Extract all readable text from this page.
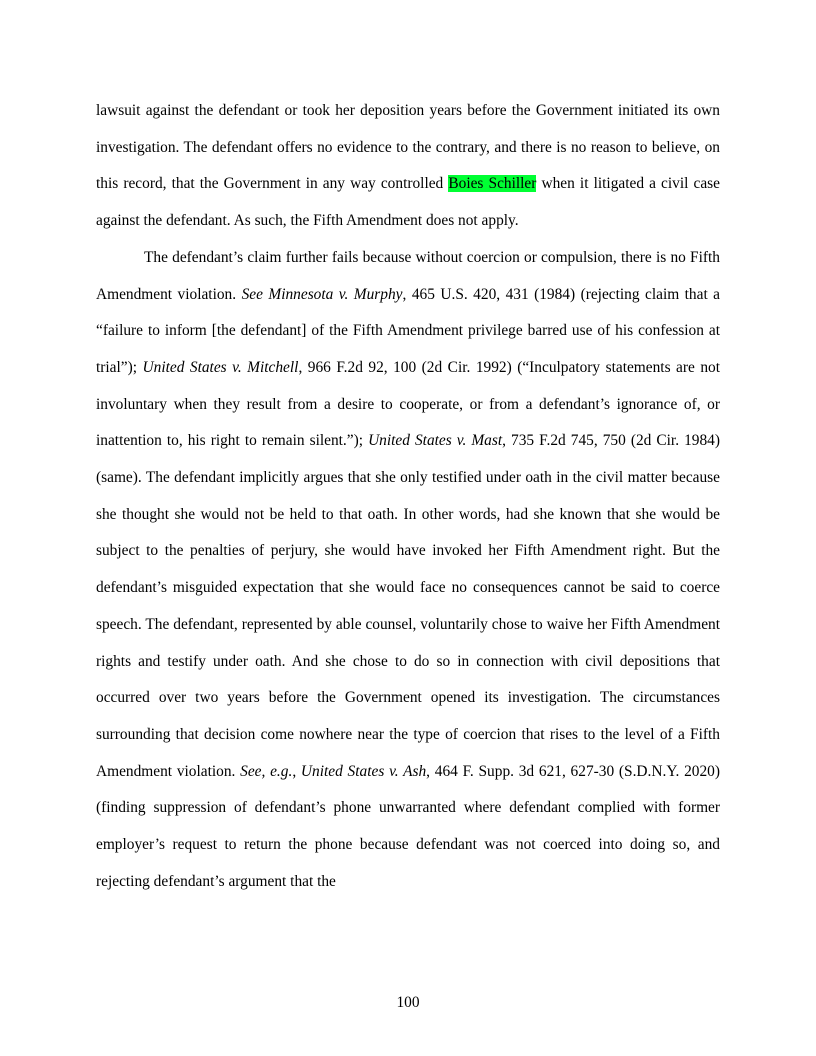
lawsuit against the defendant or took her deposition years before the Government initiated its own investigation. The defendant offers no evidence to the contrary, and there is no reason to believe, on this record, that the Government in any way controlled Boies Schiller when it litigated a civil case against the defendant. As such, the Fifth Amendment does not apply.

The defendant’s claim further fails because without coercion or compulsion, there is no Fifth Amendment violation. See Minnesota v. Murphy, 465 U.S. 420, 431 (1984) (rejecting claim that a “failure to inform [the defendant] of the Fifth Amendment privilege barred use of his confession at trial”); United States v. Mitchell, 966 F.2d 92, 100 (2d Cir. 1992) (“Inculpatory statements are not involuntary when they result from a desire to cooperate, or from a defendant’s ignorance of, or inattention to, his right to remain silent.”); United States v. Mast, 735 F.2d 745, 750 (2d Cir. 1984) (same). The defendant implicitly argues that she only testified under oath in the civil matter because she thought she would not be held to that oath. In other words, had she known that she would be subject to the penalties of perjury, she would have invoked her Fifth Amendment right. But the defendant’s misguided expectation that she would face no consequences cannot be said to coerce speech. The defendant, represented by able counsel, voluntarily chose to waive her Fifth Amendment rights and testify under oath. And she chose to do so in connection with civil depositions that occurred over two years before the Government opened its investigation. The circumstances surrounding that decision come nowhere near the type of coercion that rises to the level of a Fifth Amendment violation. See, e.g., United States v. Ash, 464 F. Supp. 3d 621, 627-30 (S.D.N.Y. 2020) (finding suppression of defendant’s phone unwarranted where defendant complied with former employer’s request to return the phone because defendant was not coerced into doing so, and rejecting defendant’s argument that the

100
